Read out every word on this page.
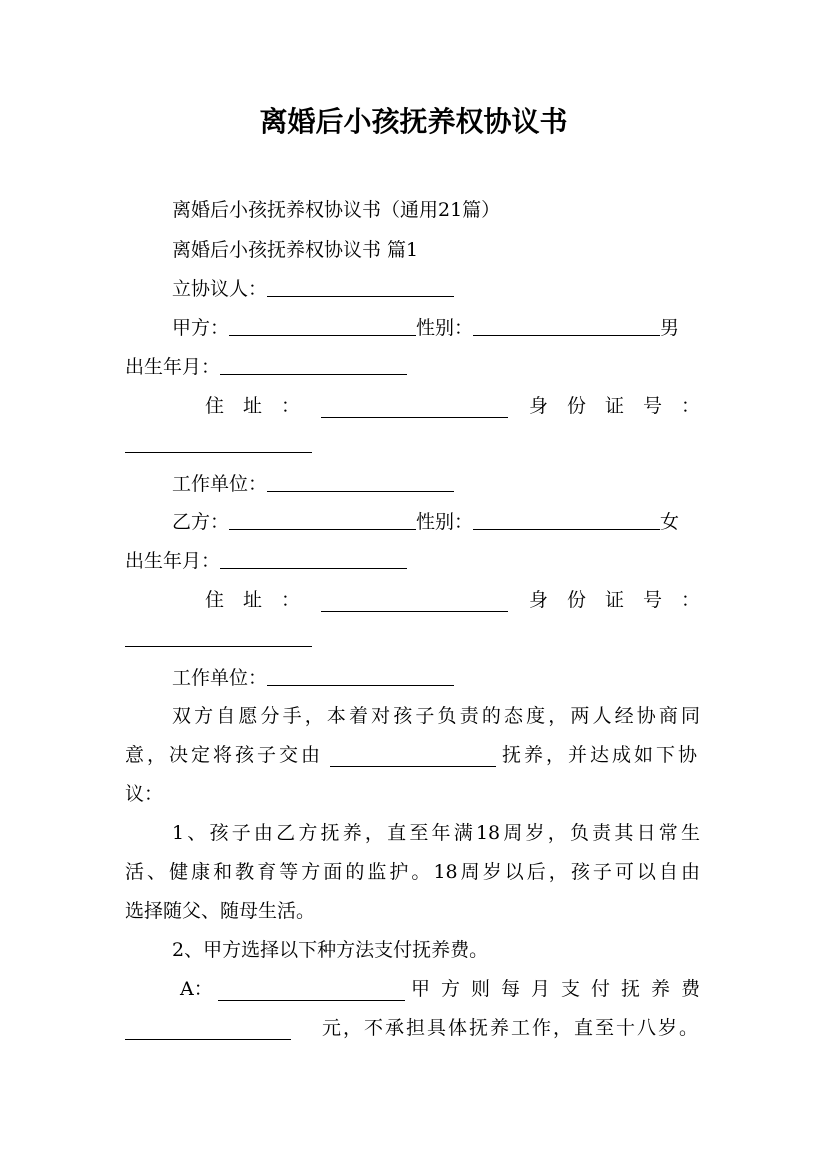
离婚后小孩抚养权协议书
离婚后小孩抚养权协议书（通用21篇）
离婚后小孩抚养权协议书 篇1
立协议人：
甲方：	性别：	男
出生年月：
住　址　：	身　份　证　号　：
工作单位：
乙方：	性别：	女
出生年月：
住　址　：	身　份　证　号　：
工作单位：
双方自愿分手，本着对孩子负责的态度，两人经协商同
意，决定将孩子交由	抚养，并达成如下协
议：
1、孩子由乙方抚养，直至年满18周岁，负责其日常生
活、健康和教育等方面的监护。18周岁以后，孩子可以自由
选择随父、随母生活。
2、甲方选择以下种方法支付抚养费。
A：	甲方则每月支付抚养费
元，不承担具体抚养工作，直至十八岁。
